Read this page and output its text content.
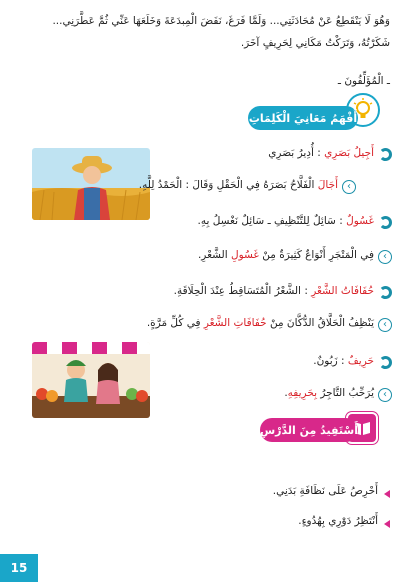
وَهُوَ لَا يَنْقَطِعُ عَنْ مُحَادَثَتِي... وَلَمَّا فَرَغَ، نَفَضَ الْمِبدَعَةَ وَخَلَعَهَا عَنِّي ثُمَّ عَطَّرَنِي...
شَكَرْتُهُ، وَتَرَكْتُ مَكَانِي لِحَرِيفٍ آخَرَ.
ـ الْمُؤَلِّفُونَ ـ
أَفْهَمُ مَعَانِيَ الْكَلِمَاتِ
أَجِيلُ بَصَرِي : أُدِيرُ بَصَرِي
‹
أَجَالَ الْفَلَّاحُ بَصَرَهُ فِي الْحَقْلِ وَقَالَ : الْحَمْدُ لِلَّهِ.
غَسُولٌ : سَائِلٌ لِلتَّنْظِيفِ ـ سَائِلٌ نَغْسِلُ بِهِ.
‹
فِي الْمَتْجَرِ أَنْوَاعٌ كَثِيرَةٌ مِنْ غَسُولِ الشَّعْرِ.
حُفَافَاتُ الشَّعْرِ : الشَّعْرُ الْمُتَسَاقِطُ عِنْدَ الْحِلَاقَةِ.
‹
يَنْظِفُ الْحَلَّاقُ الدُّكَّانَ مِنْ حُفَافَاتِ الشَّعْرِ فِي كُلِّ مَرَّةٍ.
حَرِيفٌ : زَبُونٌ.
‹
يُرَحِّبُ التَّاجِرُ بِحَرِيفِهِ.
أَسْتَفِيدُ مِنَ الدَّرْسِ
أَحْرِصُ عَلَى نَظَافَةِ بَدَنِي.
أَنْتَظِرُ دَوْرِي بِهُدُوءٍ.
15
